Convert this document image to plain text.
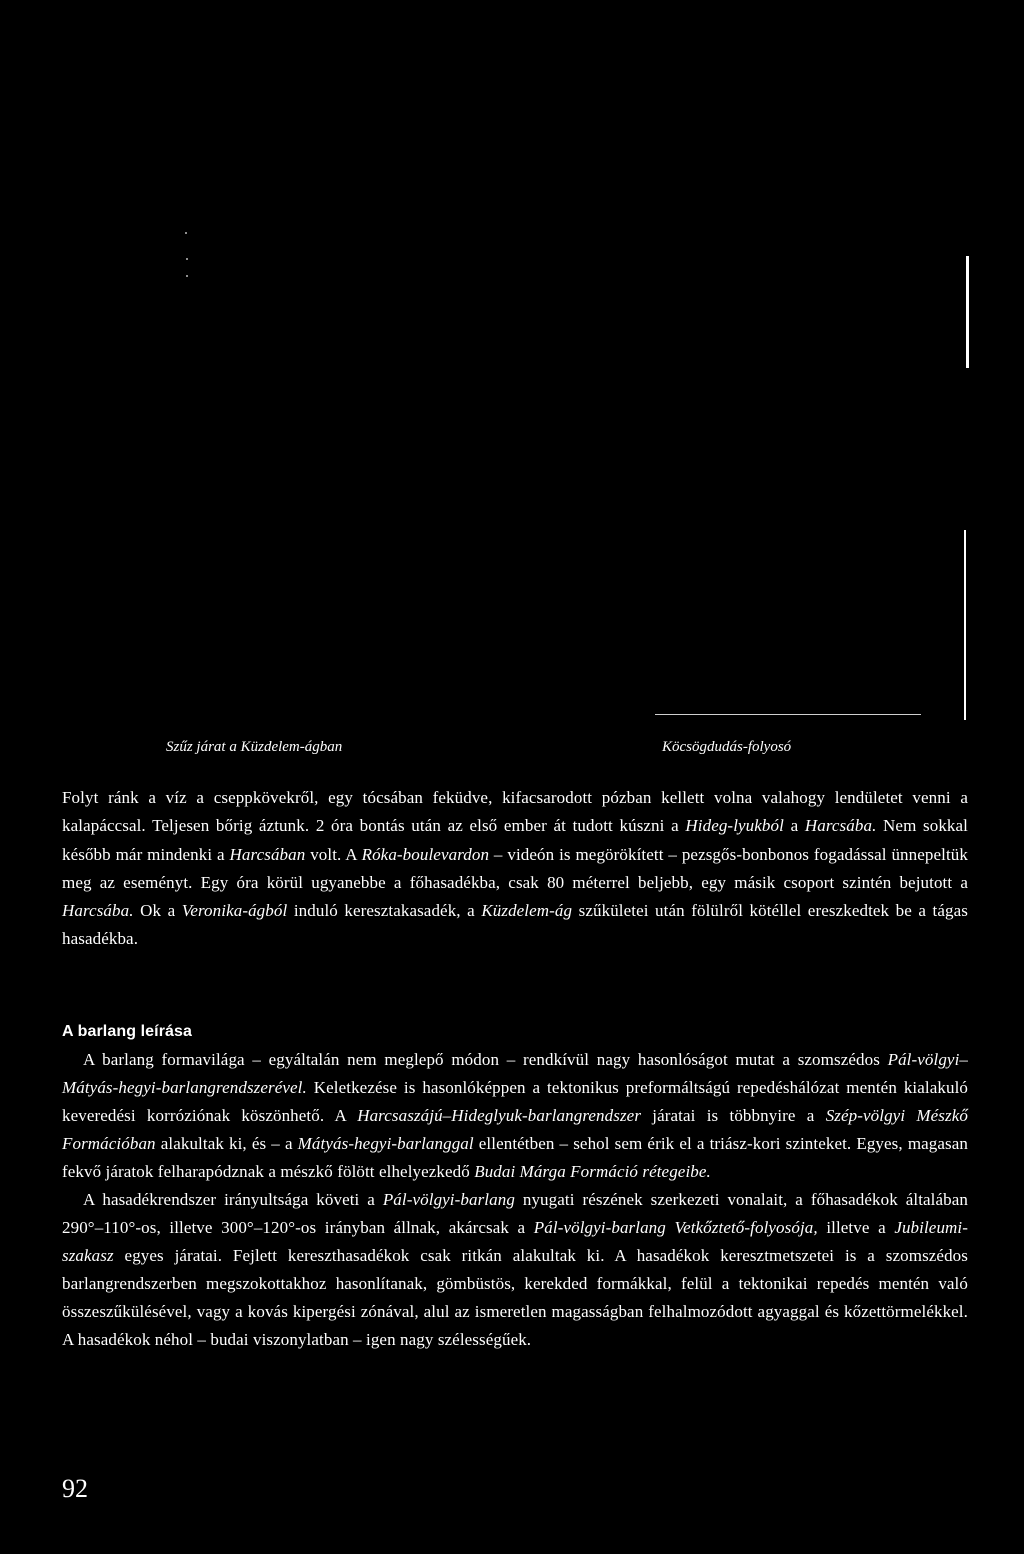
Szűz járat a Küzdelem-ágban	Köcsögdudás-folyosó

Folyt ránk a víz a cseppkövekről, egy tócsában feküdve, kifacsarodott pózban kellett volna valahogy lendületet venni a kalapáccsal. Teljesen bőrig áztunk. 2 óra bontás után az első ember át tudott kúszni a Hideg-lyukból a Harcsába. Nem sokkal később már mindenki a Harcsában volt. A Róka-boulevardon – videón is megörökített – pezsgős-bonbonos fogadással ünnepeltük meg az eseményt. Egy óra körül ugyanebbe a főhasadékba, csak 80 méterrel beljebb, egy másik csoport szintén bejutott a Harcsába. Ok a Veronika-ágból induló keresztakasadék, a Küzdelem-ág szűkületei után fölülről kötéllel ereszkedtek be a tágas hasadékba.

A barlang leírása

A barlang formavilága – egyáltalán nem meglepő módon – rendkívül nagy hasonlóságot mutat a szomszédos Pál-völgyi–Mátyás-hegyi-barlangrendszerével. Keletkezése is hasonlóképpen a tektonikus preformáltságú repedéshálózat mentén kialakuló keveredési korróziónak köszönhető. A Harcsaszájú–Hideglyuk-barlangrendszer járatai is többnyire a Szép-völgyi Mészkő Formációban alakultak ki, és – a Mátyás-hegyi-barlanggal ellentétben – sehol sem érik el a triász-kori szinteket. Egyes, magasan fekvő járatok felharapódznak a mészkő fölött elhelyezkedő Budai Márga Formáció rétegeibe.

A hasadékrendszer irányultsága követi a Pál-völgyi-barlang nyugati részének szerkezeti vonalait, a főhasadékok általában 290°–110°-os, illetve 300°–120°-os irányban állnak, akárcsak a Pál-völgyi-barlang Vetkőztető-folyosója, illetve a Jubileumi-szakasz egyes járatai. Fejlett kereszthasadékok csak ritkán alakultak ki. A hasadékok keresztmetszetei is a szomszédos barlangrendszerben megszokottakhoz hasonlítanak, gömbüstös, kerekded formákkal, felül a tektonikai repedés mentén való összeszűkülésével, vagy a kovás kipergési zónával, alul az ismeretlen magasságban felhalmozódott agyaggal és kőzettörmelékkel. A hasadékok néhol – budai viszonylatban – igen nagy szélességűek.

92
